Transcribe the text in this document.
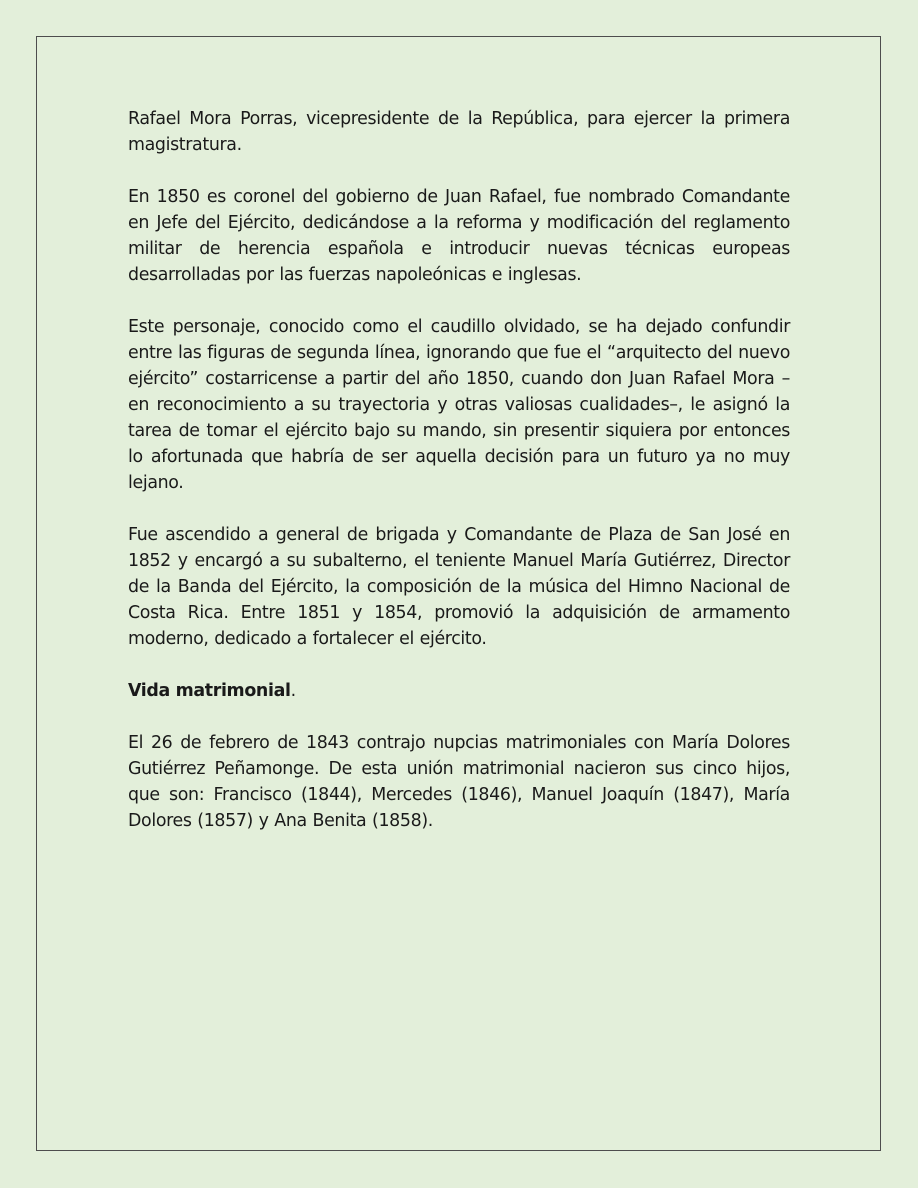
Rafael Mora Porras, vicepresidente de la República, para ejercer la primera magistratura.

En 1850 es coronel del gobierno de Juan Rafael, fue nombrado Comandante en Jefe del Ejército, dedicándose a la reforma y modificación del reglamento militar de herencia española e introducir nuevas técnicas europeas desarrolladas por las fuerzas napoleónicas e inglesas.

Este personaje, conocido como el caudillo olvidado, se ha dejado confundir entre las figuras de segunda línea, ignorando que fue el “arquitecto del nuevo ejército” costarricense a partir del año 1850, cuando don Juan Rafael Mora –en reconocimiento a su trayectoria y otras valiosas cualidades–, le asignó la tarea de tomar el ejército bajo su mando, sin presentir siquiera por entonces lo afortunada que habría de ser aquella decisión para un futuro ya no muy lejano.

Fue ascendido a general de brigada y Comandante de Plaza de San José en 1852 y encargó a su subalterno, el teniente Manuel María Gutiérrez, Director de la Banda del Ejército, la composición de la música del Himno Nacional de Costa Rica. Entre 1851 y 1854, promovió la adquisición de armamento moderno, dedicado a fortalecer el ejército.

Vida matrimonial.

El 26 de febrero de 1843 contrajo nupcias matrimoniales con María Dolores Gutiérrez Peñamonge. De esta unión matrimonial nacieron sus cinco hijos, que son: Francisco (1844), Mercedes (1846), Manuel Joaquín (1847), María Dolores (1857) y Ana Benita (1858).
